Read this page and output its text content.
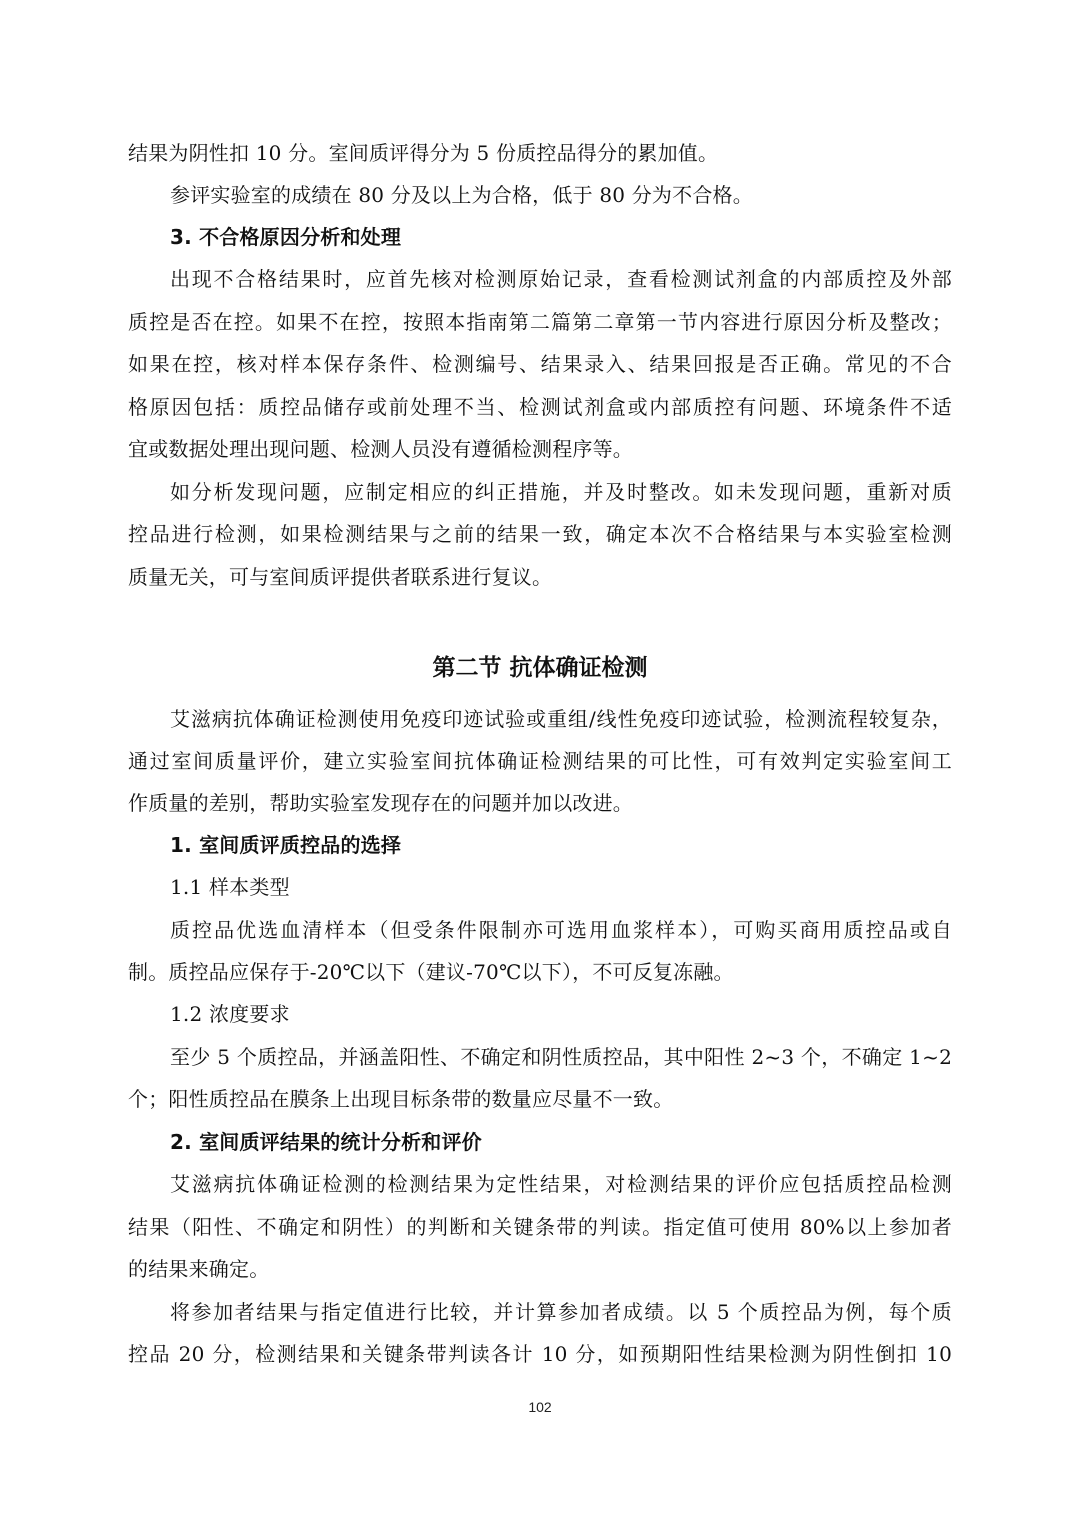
结果为阴性扣 10 分。室间质评得分为 5 份质控品得分的累加值。
参评实验室的成绩在 80 分及以上为合格，低于 80 分为不合格。
3. 不合格原因分析和处理
出现不合格结果时，应首先核对检测原始记录，查看检测试剂盒的内部质控及外部
质控是否在控。如果不在控，按照本指南第二篇第二章第一节内容进行原因分析及整改；
如果在控，核对样本保存条件、检测编号、结果录入、结果回报是否正确。常见的不合
格原因包括：质控品储存或前处理不当、检测试剂盒或内部质控有问题、环境条件不适
宜或数据处理出现问题、检测人员没有遵循检测程序等。
如分析发现问题，应制定相应的纠正措施，并及时整改。如未发现问题，重新对质
控品进行检测，如果检测结果与之前的结果一致，确定本次不合格结果与本实验室检测
质量无关，可与室间质评提供者联系进行复议。
第二节 抗体确证检测
艾滋病抗体确证检测使用免疫印迹试验或重组/线性免疫印迹试验，检测流程较复杂，
通过室间质量评价，建立实验室间抗体确证检测结果的可比性，可有效判定实验室间工
作质量的差别，帮助实验室发现存在的问题并加以改进。
1. 室间质评质控品的选择
1.1 样本类型
质控品优选血清样本（但受条件限制亦可选用血浆样本），可购买商用质控品或自
制。质控品应保存于-20℃以下（建议-70℃以下），不可反复冻融。
1.2 浓度要求
至少 5 个质控品，并涵盖阳性、不确定和阴性质控品，其中阳性 2~3 个，不确定 1~2
个；阳性质控品在膜条上出现目标条带的数量应尽量不一致。
2. 室间质评结果的统计分析和评价
艾滋病抗体确证检测的检测结果为定性结果，对检测结果的评价应包括质控品检测
结果（阳性、不确定和阴性）的判断和关键条带的判读。指定值可使用 80%以上参加者
的结果来确定。
将参加者结果与指定值进行比较，并计算参加者成绩。以 5 个质控品为例，每个质
控品 20 分，检测结果和关键条带判读各计 10 分，如预期阳性结果检测为阴性倒扣 10
102
